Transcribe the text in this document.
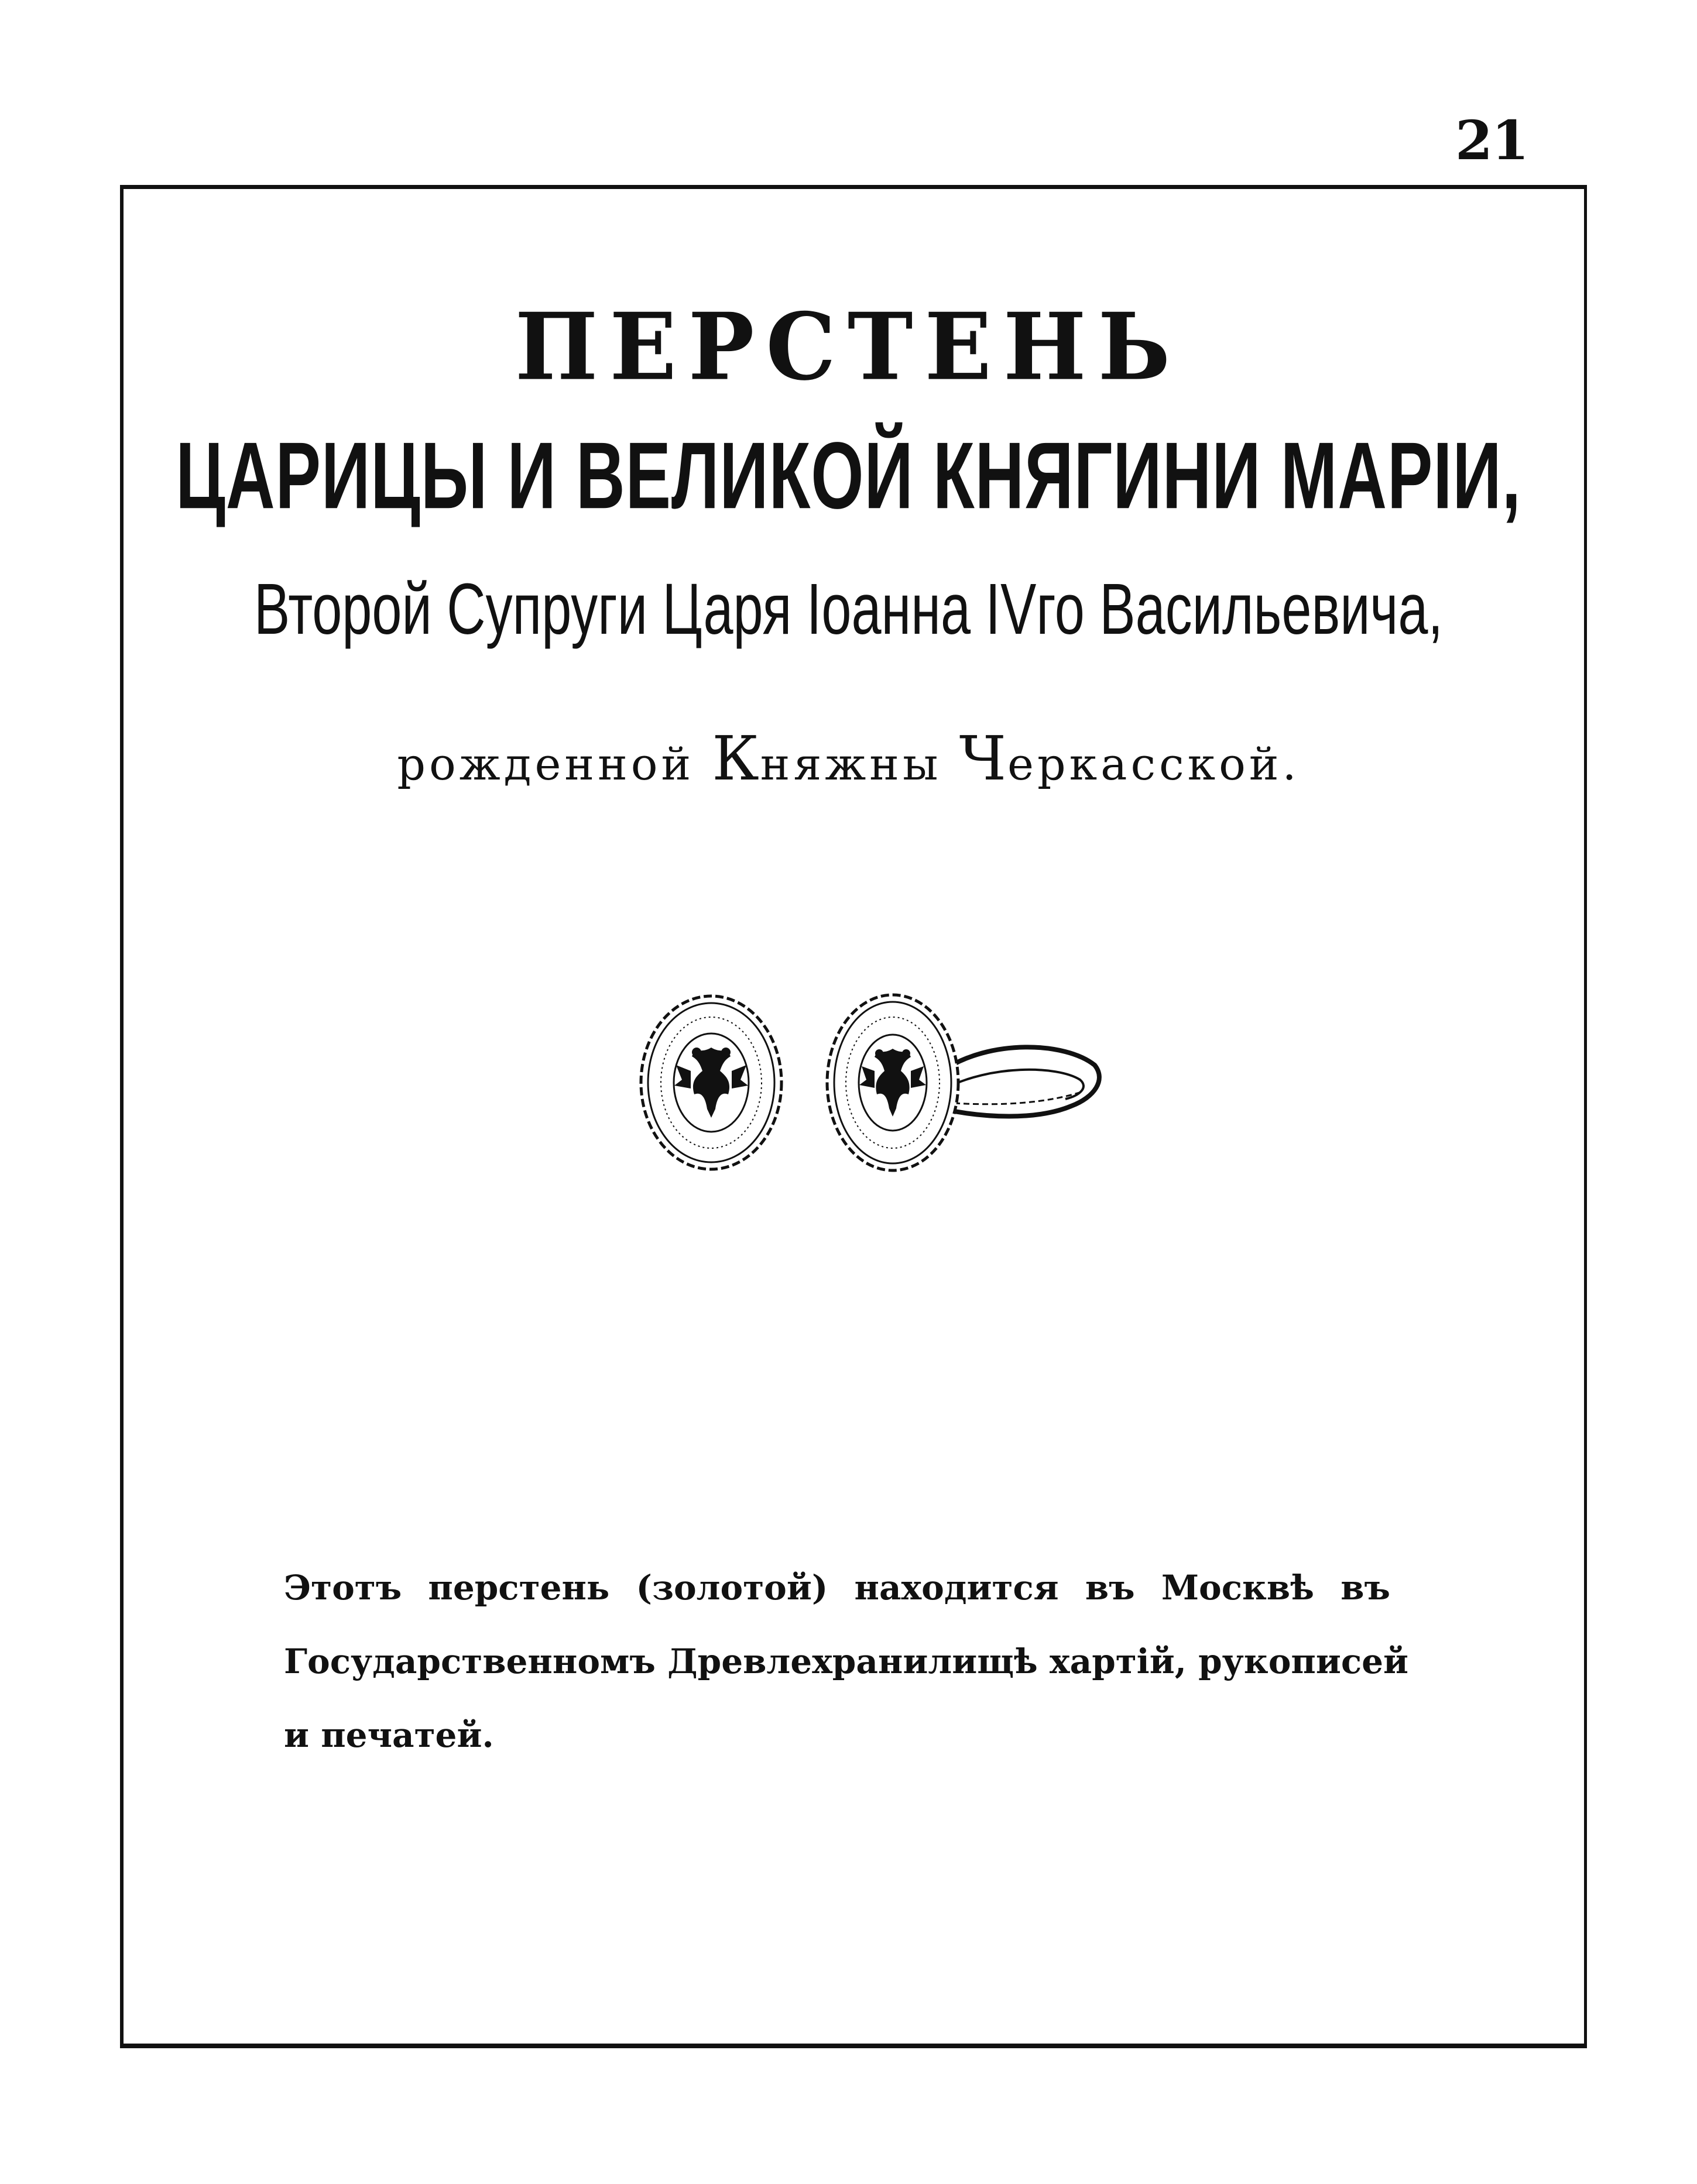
21
ПЕРСТЕНЬ
ЦАРИЦЫ И ВЕЛИКОЙ КНЯГИНИ МАРIИ,
Второй Супруги Царя Іоанна IVго Васильевича,
рожденной Княжны Черкасской.
Этотъ перстень (золотой) находится въ Москвѣ въ
Государственномъ Древлехранилищѣ хартій, рукописей
и печатей.
